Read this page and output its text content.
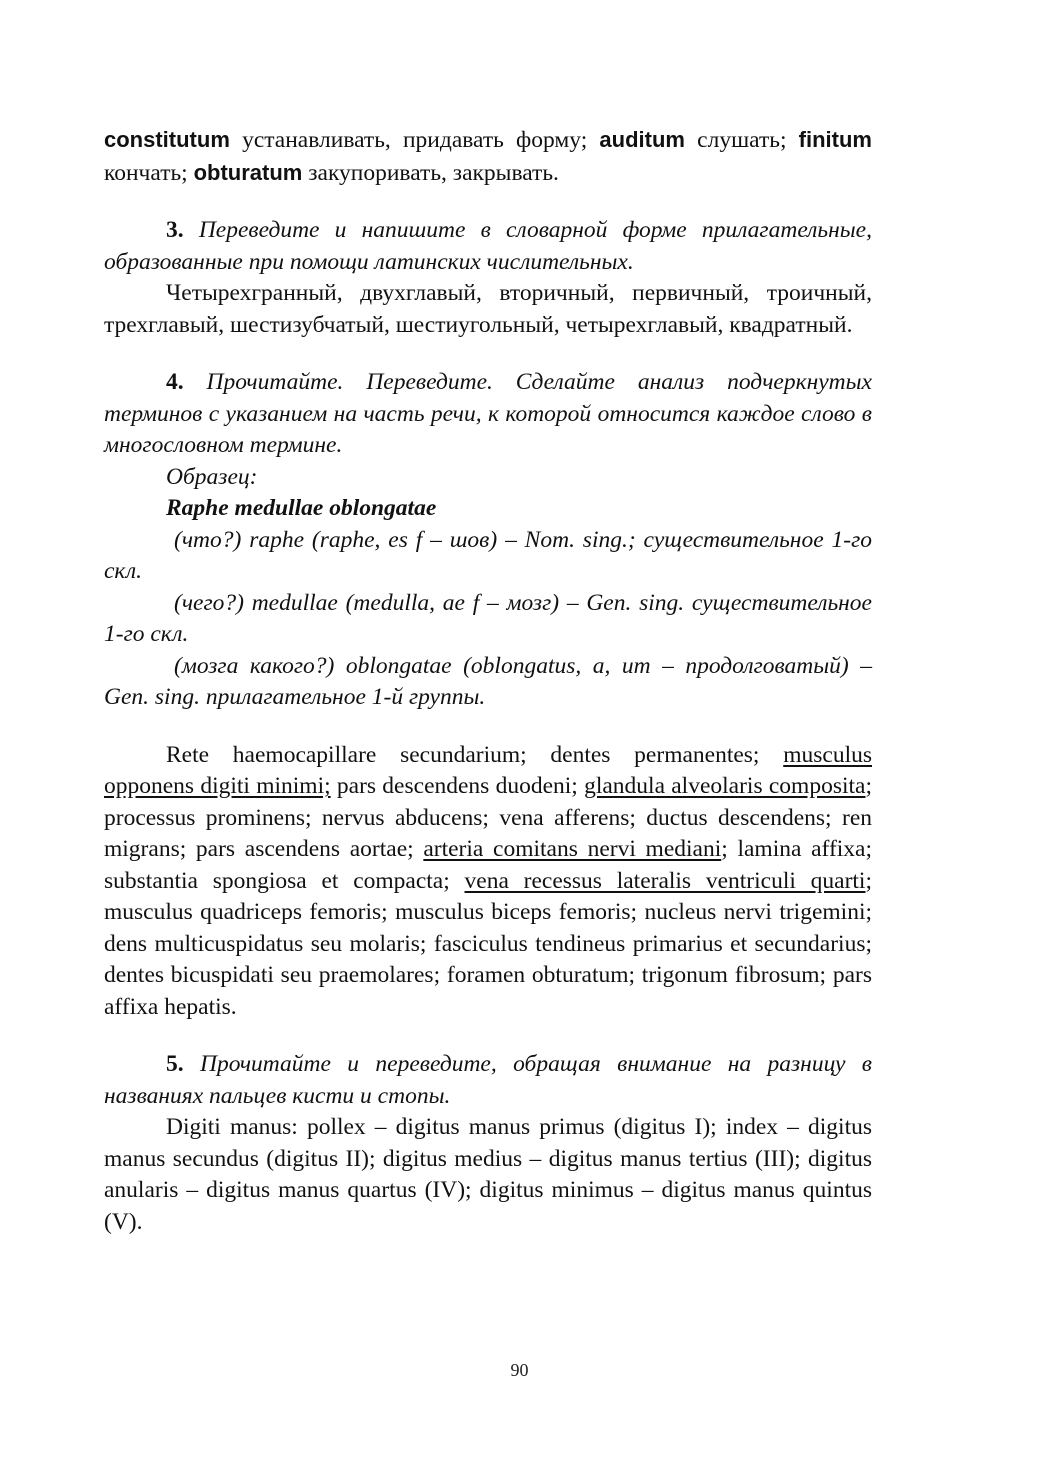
constitutum устанавливать, придавать форму; auditum слушать; finitum кончать; obturatum закупоривать, закрывать.

3. Переведите и напишите в словарной форме прилагательные, образованные при помощи латинских числительных.

Четырехгранный, двухглавый, вторичный, первичный, троичный, трехглавый, шестизубчатый, шестиугольный, четырехглавый, квадратный.

4. Прочитайте. Переведите. Сделайте анализ подчеркнутых терминов с указанием на часть речи, к которой относится каждое слово в многословном термине.

Образец:

Raphe medullae oblongatae

(что?) raphe (raphe, es f – шов) – Nom. sing.; существительное 1-го скл.

(чего?) medullae (medulla, ae f – мозг) – Gen. sing. существительное 1-го скл.

(мозга какого?) oblongatae (oblongatus, a, um – продолговатый) – Gen. sing. прилагательное 1-й группы.

Rete haemocapillare secundarium; dentes permanentes; musculus opponens digiti minimi; pars descendens duodeni; glandula alveolaris composita; processus prominens; nervus abducens; vena afferens; ductus descendens; ren migrans; pars ascendens aortae; arteria comitans nervi mediani; lamina affixa; substantia spongiosa et compacta; vena recessus lateralis ventriculi quarti; musculus quadriceps femoris; musculus biceps femoris; nucleus nervi trigemini; dens multicuspidatus seu molaris; fasciculus tendineus primarius et secundarius; dentes bicuspidati seu praemolares; foramen obturatum; trigonum fibrosum; pars affixa hepatis.

5. Прочитайте и переведите, обращая внимание на разницу в названиях пальцев кисти и стопы.

Digiti manus: pollex – digitus manus primus (digitus I); index – digitus manus secundus (digitus II); digitus medius – digitus manus tertius (III); digitus anularis – digitus manus quartus (IV); digitus minimus – digitus manus quintus (V).

90
